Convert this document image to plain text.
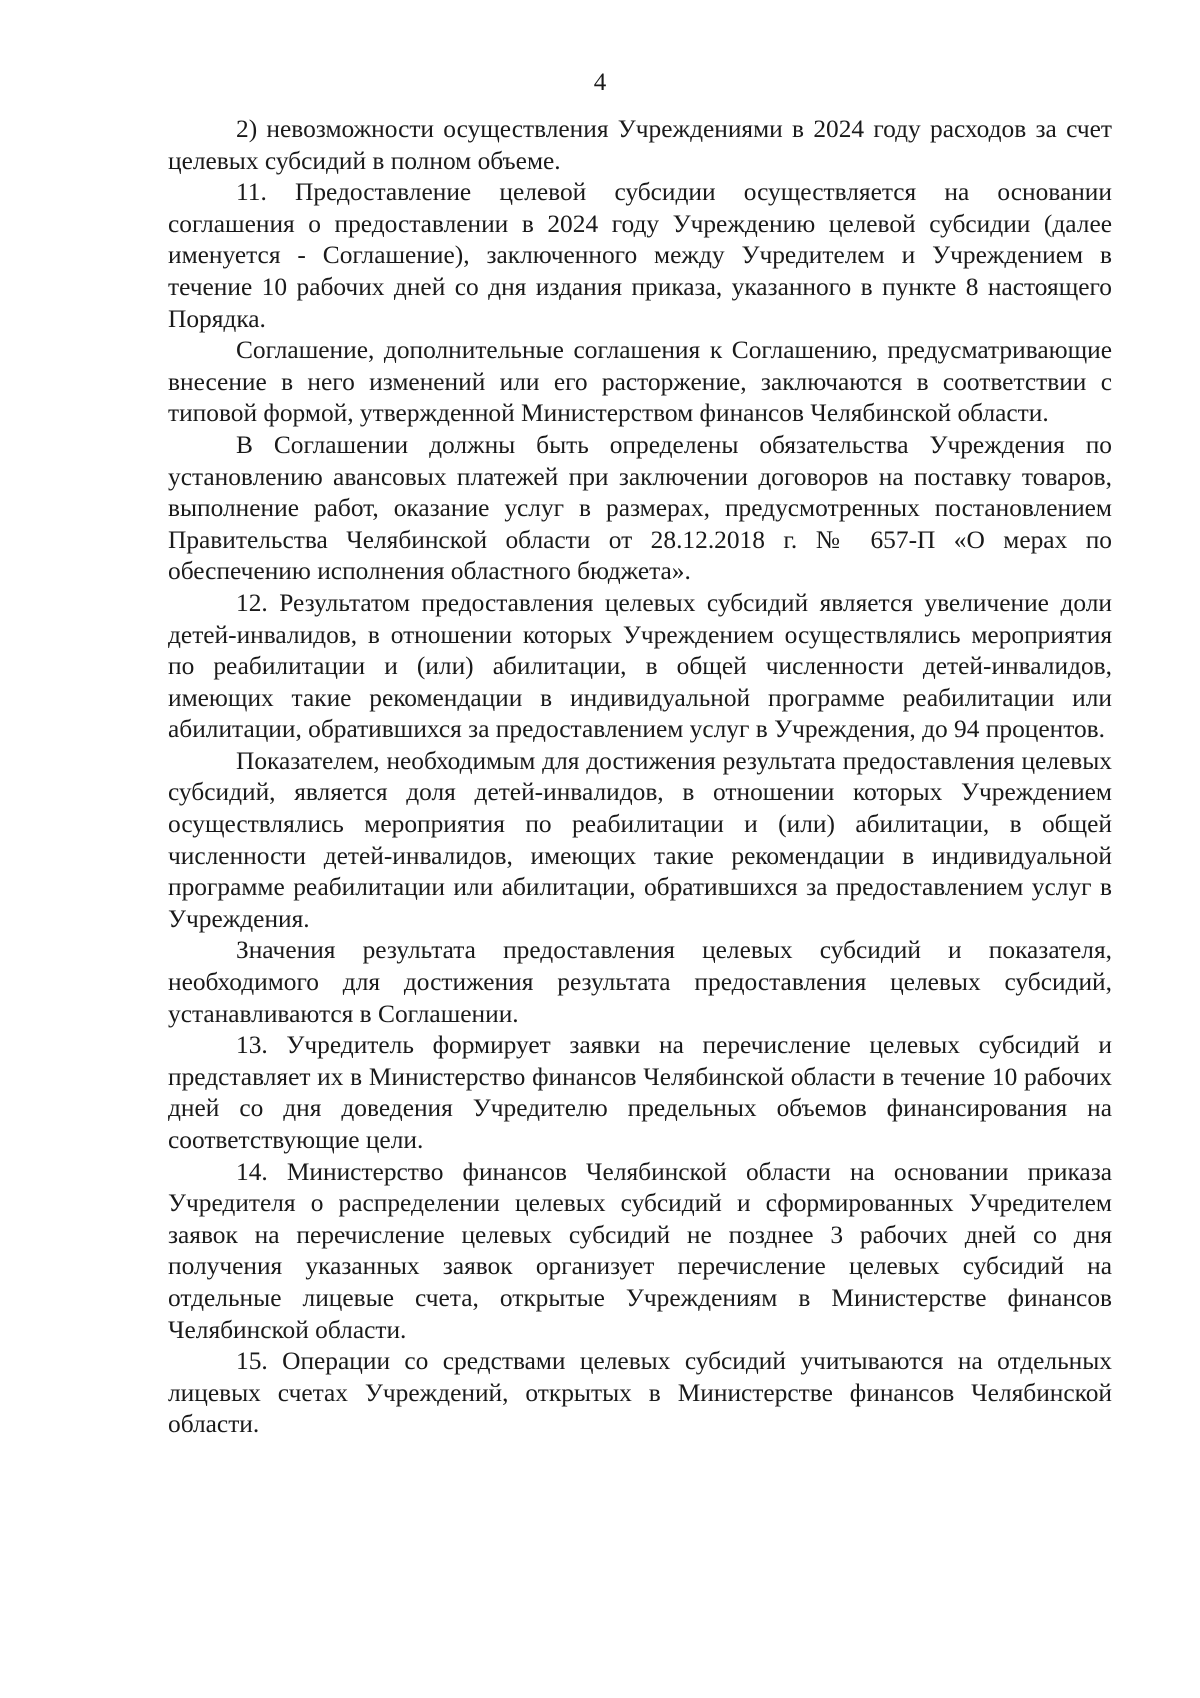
4

2) невозможности осуществления Учреждениями в 2024 году расходов за счет целевых субсидий в полном объеме.

11. Предоставление целевой субсидии осуществляется на основании соглашения о предоставлении в 2024 году Учреждению целевой субсидии (далее именуется - Соглашение), заключенного между Учредителем и Учреждением в течение 10 рабочих дней со дня издания приказа, указанного в пункте 8 настоящего Порядка.

Соглашение, дополнительные соглашения к Соглашению, предусматривающие внесение в него изменений или его расторжение, заключаются в соответствии с типовой формой, утвержденной Министерством финансов Челябинской области.

В Соглашении должны быть определены обязательства Учреждения по установлению авансовых платежей при заключении договоров на поставку товаров, выполнение работ, оказание услуг в размерах, предусмотренных постановлением Правительства Челябинской области от 28.12.2018 г. № 657-П «О мерах по обеспечению исполнения областного бюджета».

12. Результатом предоставления целевых субсидий является увеличение доли детей-инвалидов, в отношении которых Учреждением осуществлялись мероприятия по реабилитации и (или) абилитации, в общей численности детей-инвалидов, имеющих такие рекомендации в индивидуальной программе реабилитации или абилитации, обратившихся за предоставлением услуг в Учреждения, до 94 процентов.

Показателем, необходимым для достижения результата предоставления целевых субсидий, является доля детей-инвалидов, в отношении которых Учреждением осуществлялись мероприятия по реабилитации и (или) абилитации, в общей численности детей-инвалидов, имеющих такие рекомендации в индивидуальной программе реабилитации или абилитации, обратившихся за предоставлением услуг в Учреждения.

Значения результата предоставления целевых субсидий и показателя, необходимого для достижения результата предоставления целевых субсидий, устанавливаются в Соглашении.

13. Учредитель формирует заявки на перечисление целевых субсидий и представляет их в Министерство финансов Челябинской области в течение 10 рабочих дней со дня доведения Учредителю предельных объемов финансирования на соответствующие цели.

14. Министерство финансов Челябинской области на основании приказа Учредителя о распределении целевых субсидий и сформированных Учредителем заявок на перечисление целевых субсидий не позднее 3 рабочих дней со дня получения указанных заявок организует перечисление целевых субсидий на отдельные лицевые счета, открытые Учреждениям в Министерстве финансов Челябинской области.

15. Операции со средствами целевых субсидий учитываются на отдельных лицевых счетах Учреждений, открытых в Министерстве финансов Челябинской области.
